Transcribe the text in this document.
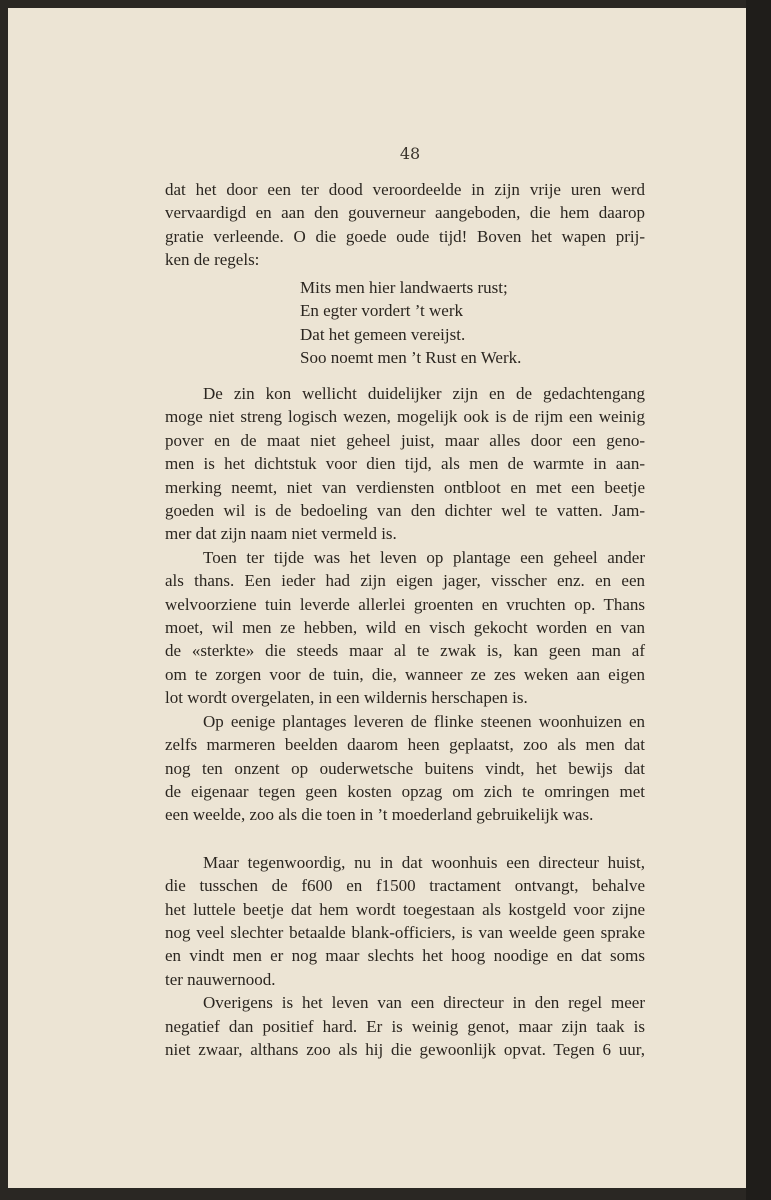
48
dat het door een ter dood veroordeelde in zijn vrije uren werd
vervaardigd en aan den gouverneur aangeboden, die hem daarop
gratie verleende. O die goede oude tijd! Boven het wapen prij-
ken de regels:
Mits men hier landwaerts rust;
En egter vordert ’t werk
Dat het gemeen vereijst.
Soo noemt men ’t Rust en Werk.
De zin kon wellicht duidelijker zijn en de gedachtengang
moge niet streng logisch wezen, mogelijk ook is de rijm een weinig
pover en de maat niet geheel juist, maar alles door een geno-
men is het dichtstuk voor dien tijd, als men de warmte in aan-
merking neemt, niet van verdiensten ontbloot en met een beetje
goeden wil is de bedoeling van den dichter wel te vatten. Jam-
mer dat zijn naam niet vermeld is.
Toen ter tijde was het leven op plantage een geheel ander
als thans. Een ieder had zijn eigen jager, visscher enz. en een
welvoorziene tuin leverde allerlei groenten en vruchten op. Thans
moet, wil men ze hebben, wild en visch gekocht worden en van
de «sterkte» die steeds maar al te zwak is, kan geen man af
om te zorgen voor de tuin, die, wanneer ze zes weken aan eigen
lot wordt overgelaten, in een wildernis herschapen is.
Op eenige plantages leveren de flinke steenen woonhuizen en
zelfs marmeren beelden daarom heen geplaatst, zoo als men dat
nog ten onzent op ouderwetsche buitens vindt, het bewijs dat
de eigenaar tegen geen kosten opzag om zich te omringen met
een weelde, zoo als die toen in ’t moederland gebruikelijk was.
Maar tegenwoordig, nu in dat woonhuis een directeur huist,
die tusschen de f600 en f1500 tractament ontvangt, behalve
het luttele beetje dat hem wordt toegestaan als kostgeld voor zijne
nog veel slechter betaalde blank-officiers, is van weelde geen sprake
en vindt men er nog maar slechts het hoog noodige en dat soms
ter nauwernood.
Overigens is het leven van een directeur in den regel meer
negatief dan positief hard. Er is weinig genot, maar zijn taak is
niet zwaar, althans zoo als hij die gewoonlijk opvat. Tegen 6 uur,
